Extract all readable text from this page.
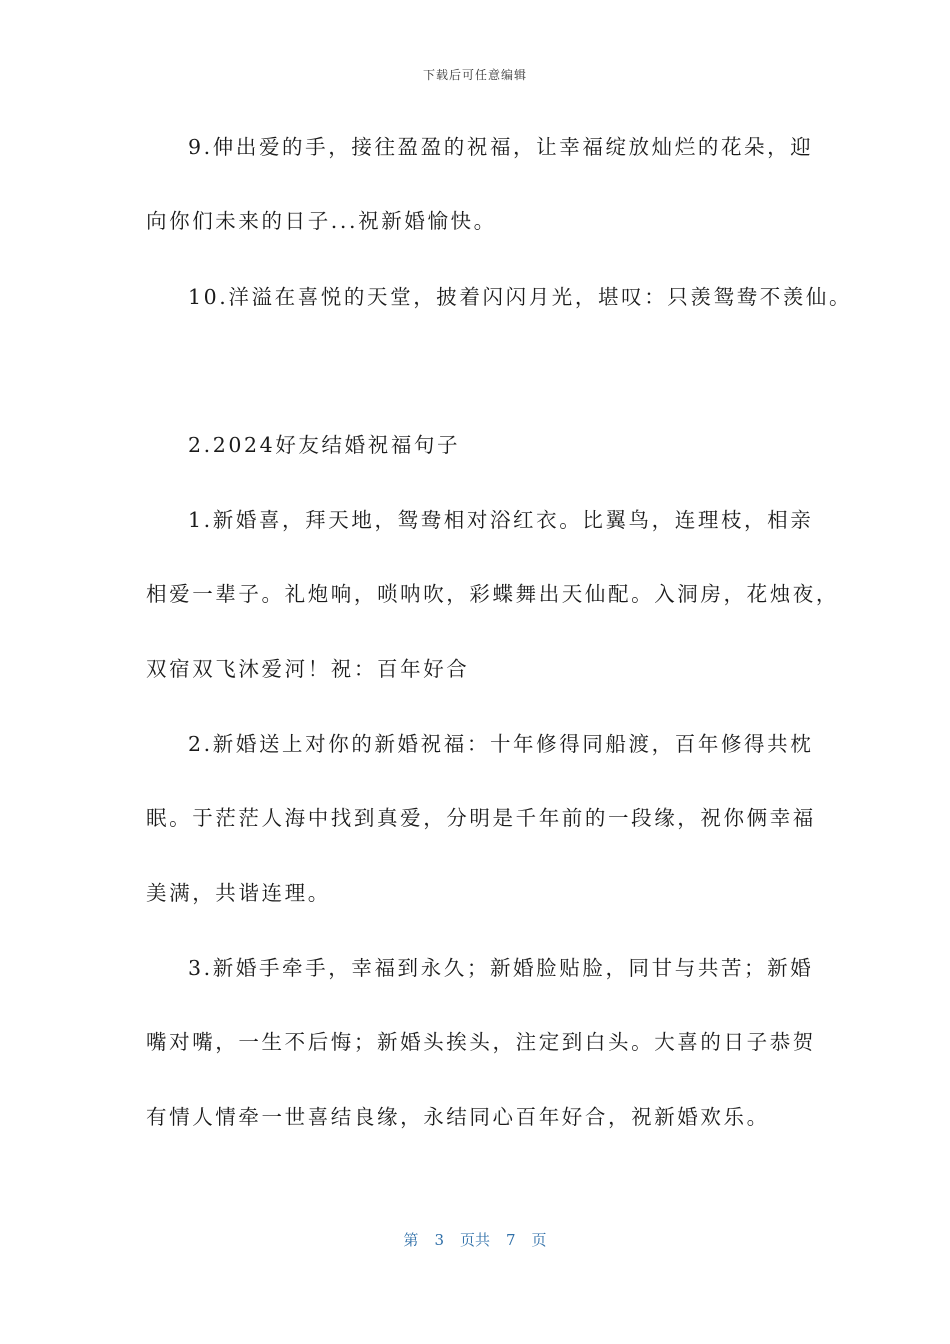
下载后可任意编辑
9.伸出爱的手，接往盈盈的祝福，让幸福绽放灿烂的花朵，迎
向你们未来的日子...祝新婚愉快。
10.洋溢在喜悦的天堂，披着闪闪月光，堪叹：只羡鸳鸯不羡仙。
2.2024好友结婚祝福句子
1.新婚喜，拜天地，鸳鸯相对浴红衣。比翼鸟，连理枝，相亲
相爱一辈子。礼炮响，唢呐吹，彩蝶舞出天仙配。入洞房，花烛夜，
双宿双飞沐爱河！祝：百年好合
2.新婚送上对你的新婚祝福：十年修得同船渡，百年修得共枕
眠。于茫茫人海中找到真爱，分明是千年前的一段缘，祝你俩幸福
美满，共谐连理。
3.新婚手牵手，幸福到永久；新婚脸贴脸，同甘与共苦；新婚
嘴对嘴，一生不后悔；新婚头挨头，注定到白头。大喜的日子恭贺
有情人情牵一世喜结良缘，永结同心百年好合，祝新婚欢乐。
第 3 页共 7 页
